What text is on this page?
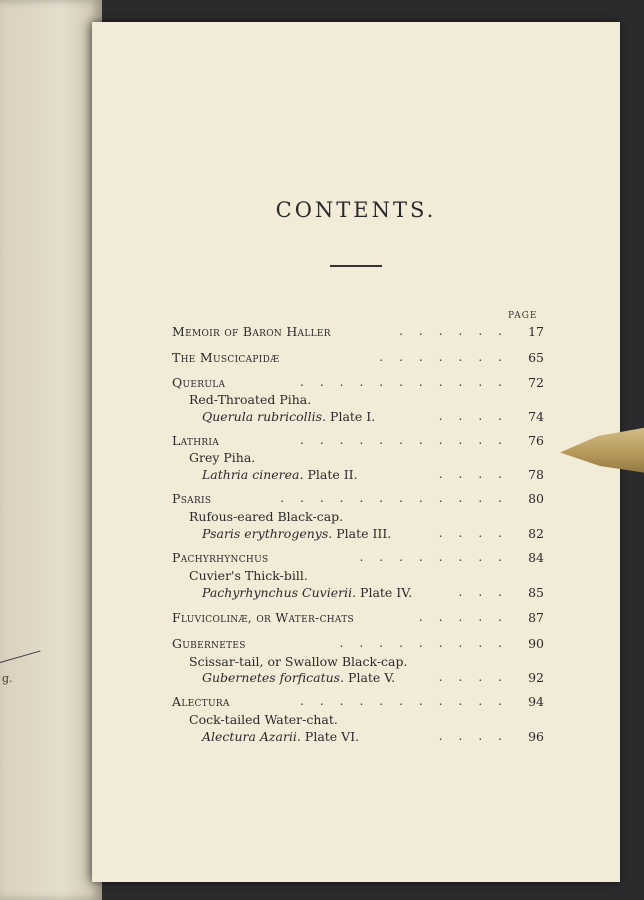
g.
CONTENTS.
PAGE
Memoir of Baron Haller	...... 17
The Muscicapidæ	....... 65
Querula	........... 72
Red-Throated Piha.
Querula rubricollis. Plate I.	.... 74
Lathria	........... 76
Grey Piha.
Lathria cinerea. Plate II.	.... 78
Psaris	............ 80
Rufous-eared Black-cap.
Psaris erythrogenys. Plate III.	.... 82
Pachyrhynchus	........ 84
Cuvier's Thick-bill.
Pachyrhynchus Cuvierii. Plate IV.	... 85
Fluvicolinæ, or Water-chats	..... 87
Gubernetes	......... 90
Scissar-tail, or Swallow Black-cap.
Gubernetes forficatus. Plate V.	.... 92
Alectura	........... 94
Cock-tailed Water-chat.
Alectura Azarii. Plate VI.	.... 96
